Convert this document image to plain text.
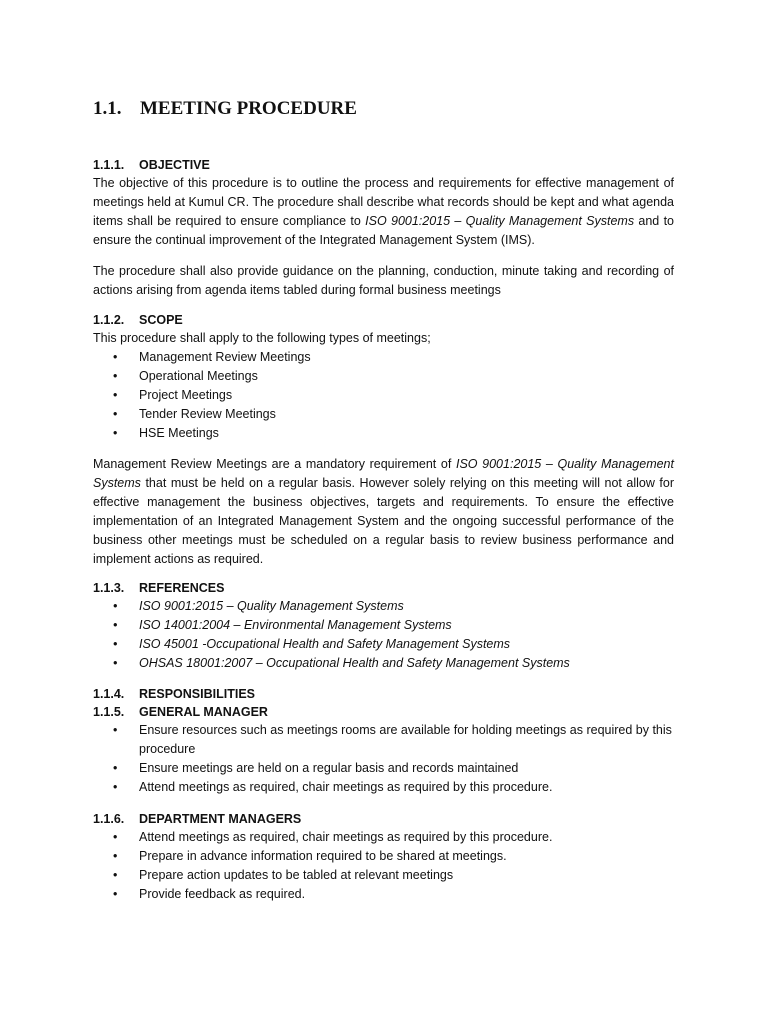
1.1. MEETING PROCEDURE
1.1.1. OBJECTIVE

The objective of this procedure is to outline the process and requirements for effective management of meetings held at Kumul CR. The procedure shall describe what records should be kept and what agenda items shall be required to ensure compliance to ISO 9001:2015 – Quality Management Systems and to ensure the continual improvement of the Integrated Management System (IMS).

The procedure shall also provide guidance on the planning, conduction, minute taking and recording of actions arising from agenda items tabled during formal business meetings

1.1.2. SCOPE

This procedure shall apply to the following types of meetings;

• Management Review Meetings
• Operational Meetings
• Project Meetings
• Tender Review Meetings
• HSE Meetings

Management Review Meetings are a mandatory requirement of ISO 9001:2015 – Quality Management Systems that must be held on a regular basis. However solely relying on this meeting will not allow for effective management the business objectives, targets and requirements. To ensure the effective implementation of an Integrated Management System and the ongoing successful performance of the business other meetings must be scheduled on a regular basis to review business performance and implement actions as required.

1.1.3. REFERENCES
• ISO 9001:2015 – Quality Management Systems
• ISO 14001:2004 – Environmental Management Systems
• ISO 45001 -Occupational Health and Safety Management Systems
• OHSAS 18001:2007 – Occupational Health and Safety Management Systems
1.1.4. RESPONSIBILITIES
1.1.5. GENERAL MANAGER
• Ensure resources such as meetings rooms are available for holding meetings as required by this procedure
• Ensure meetings are held on a regular basis and records maintained
• Attend meetings as required, chair meetings as required by this procedure.
1.1.6. DEPARTMENT MANAGERS
• Attend meetings as required, chair meetings as required by this procedure.
• Prepare in advance information required to be shared at meetings.
• Prepare action updates to be tabled at relevant meetings
• Provide feedback as required.
